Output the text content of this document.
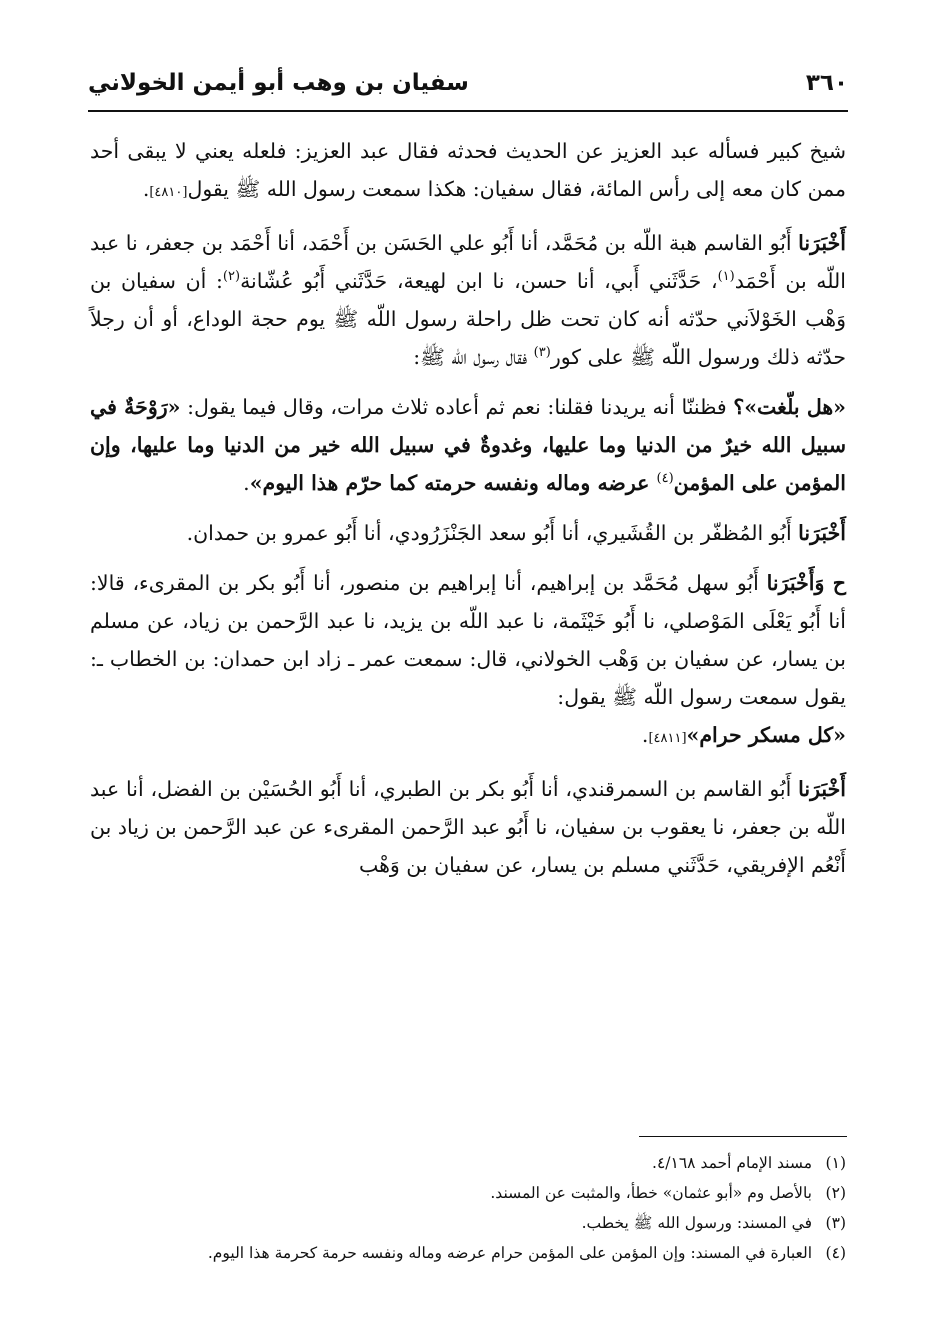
٣٦٠
سفيان بن وهب أبو أيمن الخولاني

شيخ كبير فسأله عبد العزيز عن الحديث فحدثه فقال عبد العزيز: فلعله يعني لا يبقى أحد ممن كان معه إلى رأس المائة، فقال سفيان: هكذا سمعت رسول الله ﷺ يقول[٤٨١٠].

أَخْبَرَنا أَبُو القاسم هبة اللّه بن مُحَمَّد، أنا أَبُو علي الحَسَن بن أَحْمَد، أنا أَحْمَد بن جعفر، نا عبد اللّه بن أَحْمَد$^{(١)}$، حَدَّثَني أَبي، أنا حسن، نا ابن لهيعة، حَدَّثَني أَبُو عُشّانة$^{(٢)}$: أن سفيان بن وَهْب الخَوْلاَني حدّثه أنه كان تحت ظل راحلة رسول اللّه ﷺ يوم حجة الوداع، أو أن رجلاً حدّثه ذلك ورسول اللّه ﷺ على كور$^{(٣)}$ فقال رسول اللّه ﷺ:

«هل بلّغت»؟ فظننّا أنه يريدنا فقلنا: نعم ثم أعاده ثلاث مرات، وقال فيما يقول: «رَوْحَةٌ في سبيل الله خيرٌ من الدنيا وما عليها، وغدوةٌ في سبيل الله خير من الدنيا وما عليها، وإن المؤمن على المؤمن$^{(٤)}$ عرضه وماله ونفسه حرمته كما حرّم هذا اليوم».

أَخْبَرَنا أَبُو المُظفّر بن القُشَيري، أنا أَبُو سعد الجَنْزَرُودي، أنا أَبُو عمرو بن حمدان.

ح وَأَخْبَرَنا أَبُو سهل مُحَمَّد بن إبراهيم، أنا إبراهيم بن منصور، أنا أَبُو بكر بن المقرىء، قالا: أنا أَبُو يَعْلَى المَوْصلي، نا أَبُو خَيْثَمة، نا عبد اللّه بن يزيد، نا عبد الرَّحمن بن زياد، عن مسلم بن يسار، عن سفيان بن وَهْب الخولاني، قال: سمعت عمر ـ زاد ابن حمدان: بن الخطاب ـ: يقول سمعت رسول اللّه ﷺ يقول:
«كل مسكر حرام»[٤٨١١].

أَخْبَرَنا أَبُو القاسم بن السمرقندي، أنا أَبُو بكر بن الطبري، أنا أَبُو الحُسَيْن بن الفضل، أنا عبد اللّه بن جعفر، نا يعقوب بن سفيان، نا أَبُو عبد الرَّحمن المقرىء عن عبد الرَّحمن بن زياد بن أَنْعُم الإفريقي، حَدَّثَني مسلم بن يسار، عن سفيان بن وَهْب

(١)
مسند الإمام أحمد ٤/١٦٨.
(٢)
بالأصل وم «أبو عثمان» خطأ، والمثبت عن المسند.
(٣)
في المسند: ورسول الله ﷺ يخطب.
(٤)
العبارة في المسند: وإن المؤمن على المؤمن حرام عرضه وماله ونفسه حرمة كحرمة هذا اليوم.
